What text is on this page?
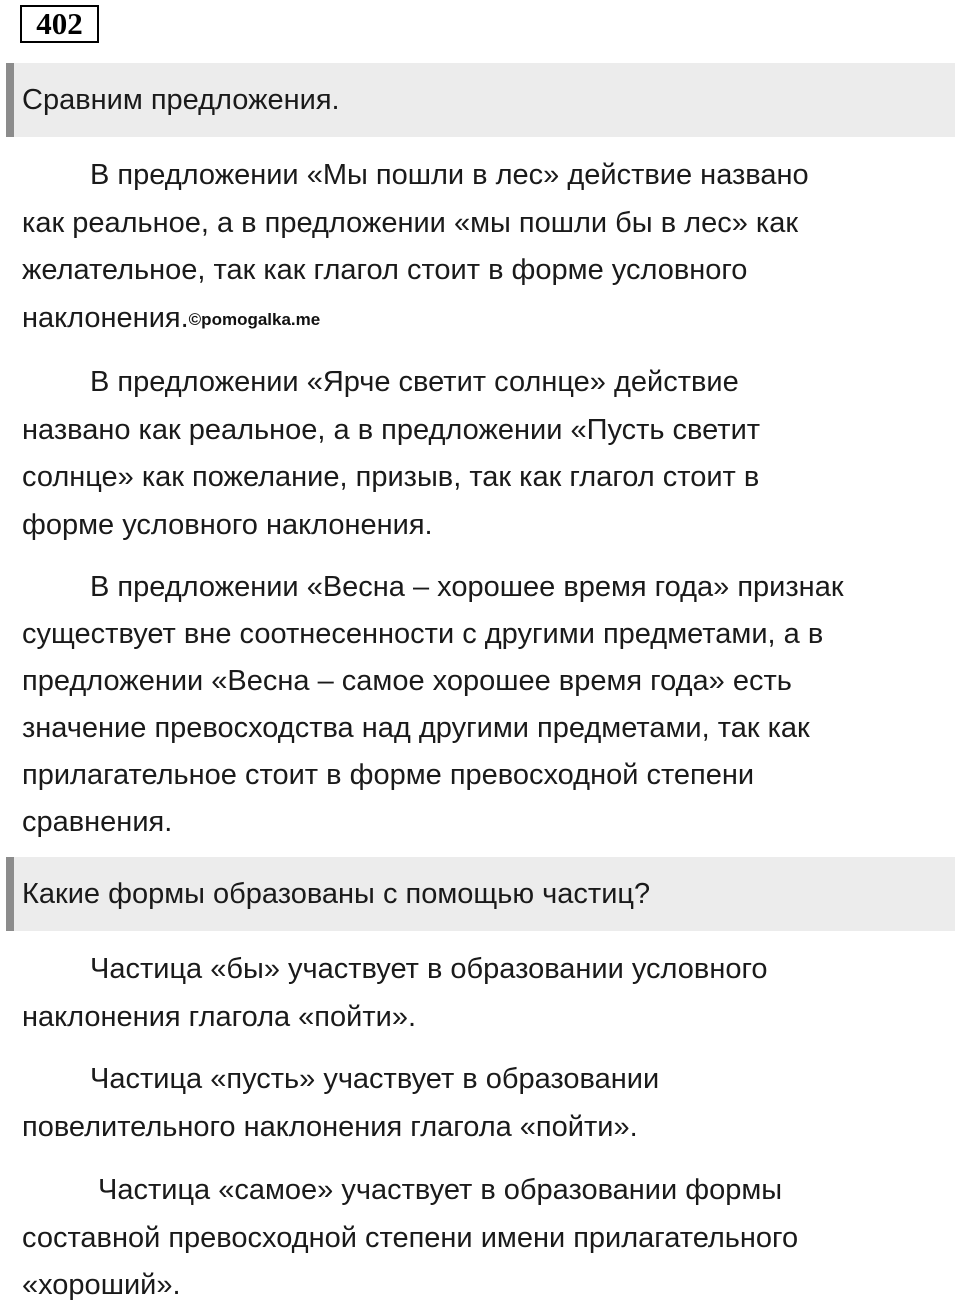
402
Сравним предложения.

В предложении «Мы пошли в лес» действие названо
как реальное, а в предложении «мы пошли бы в лес» как
желательное, так как глагол стоит в форме условного
наклонения.©pomogalka.me

В предложении «Ярче светит солнце» действие
названо как реальное, а в предложении «Пусть светит
солнце» как пожелание, призыв, так как глагол стоит в
форме условного наклонения.

В предложении «Весна – хорошее время года» признак
существует вне соотнесенности с другими предметами, а в
предложении «Весна – самое хорошее время года» есть
значение превосходства над другими предметами, так как
прилагательное стоит в форме превосходной степени
сравнения.

Какие формы образованы с помощью частиц?

Частица «бы» участвует в образовании условного
наклонения глагола «пойти».

Частица «пусть» участвует в образовании
повелительного наклонения глагола «пойти».

Частица «самое» участвует в образовании формы
составной превосходной степени имени прилагательного
«хороший».
